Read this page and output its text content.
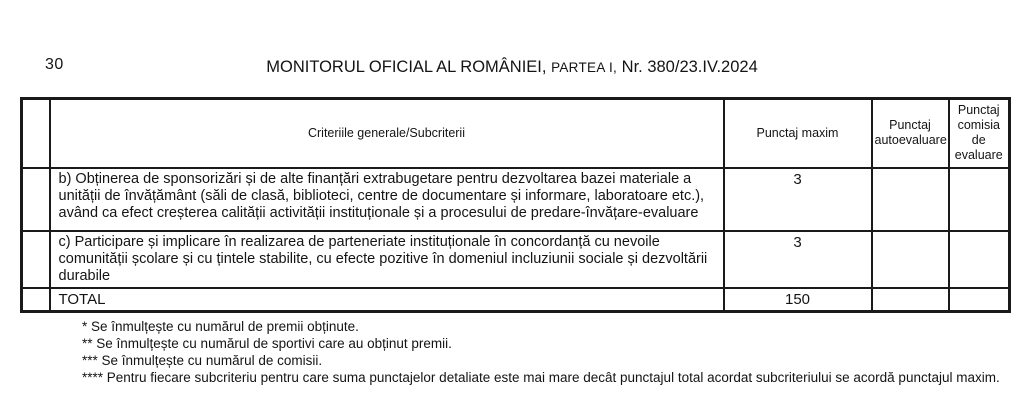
30	MONITORUL OFICIAL AL ROMÂNIEI, PARTEA I, Nr. 380/23.IV.2024
	Criteriile generale/Subcriterii	Punctaj maxim	Punctaj autoevaluare	Punctaj comisia de evaluare
	b) Obținerea de sponsorizări și de alte finanțări extrabugetare pentru dezvoltarea bazei materiale a unității de învățământ (săli de clasă, biblioteci, centre de documentare și informare, laboratoare etc.), având ca efect creșterea calității activității instituționale și a procesului de predare-învățare-evaluare	3		
	c) Participare și implicare în realizarea de parteneriate instituționale în concordanță cu nevoile comunității școlare și cu țintele stabilite, cu efecte pozitive în domeniul incluziunii sociale și dezvoltării durabile	3		
	TOTAL	150		

* Se înmulțește cu numărul de premii obținute.

** Se înmulțește cu numărul de sportivi care au obținut premii.

*** Se înmulțește cu numărul de comisii.

**** Pentru fiecare subcriteriu pentru care suma punctajelor detaliate este mai mare decât punctajul total acordat subcriteriului se acordă punctajul maxim.
